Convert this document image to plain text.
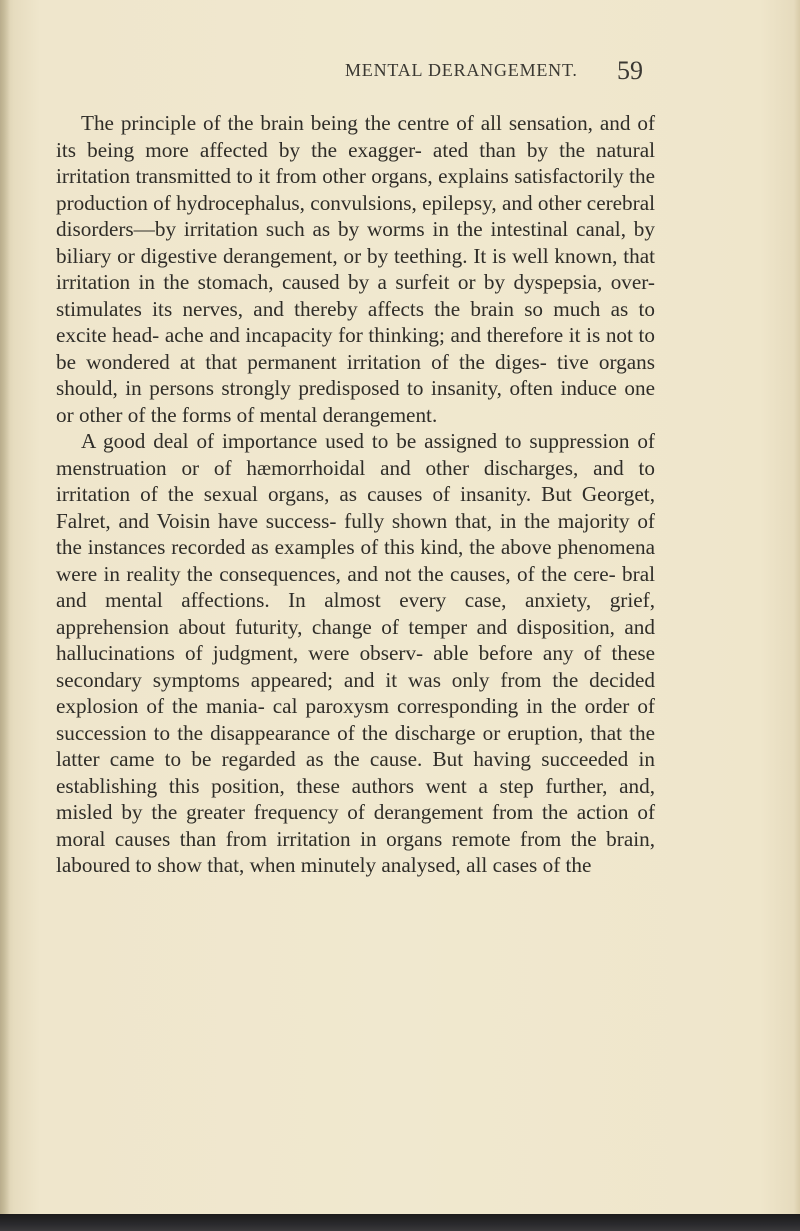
MENTAL DERANGEMENT. 59

The principle of the brain being the centre of all sensation, and of its being more affected by the exagger- ated than by the natural irritation transmitted to it from other organs, explains satisfactorily the production of hydrocephalus, convulsions, epilepsy, and other cerebral disorders—by irritation such as by worms in the intestinal canal, by biliary or digestive derangement, or by teething. It is well known, that irritation in the stomach, caused by a surfeit or by dyspepsia, over-stimulates its nerves, and thereby affects the brain so much as to excite head- ache and incapacity for thinking; and therefore it is not to be wondered at that permanent irritation of the diges- tive organs should, in persons strongly predisposed to insanity, often induce one or other of the forms of mental derangement.

A good deal of importance used to be assigned to suppression of menstruation or of hæmorrhoidal and other discharges, and to irritation of the sexual organs, as causes of insanity. But Georget, Falret, and Voisin have success- fully shown that, in the majority of the instances recorded as examples of this kind, the above phenomena were in reality the consequences, and not the causes, of the cere- bral and mental affections. In almost every case, anxiety, grief, apprehension about futurity, change of temper and disposition, and hallucinations of judgment, were observ- able before any of these secondary symptoms appeared; and it was only from the decided explosion of the mania- cal paroxysm corresponding in the order of succession to the disappearance of the discharge or eruption, that the latter came to be regarded as the cause. But having succeeded in establishing this position, these authors went a step further, and, misled by the greater frequency of derangement from the action of moral causes than from irritation in organs remote from the brain, laboured to show that, when minutely analysed, all cases of the
